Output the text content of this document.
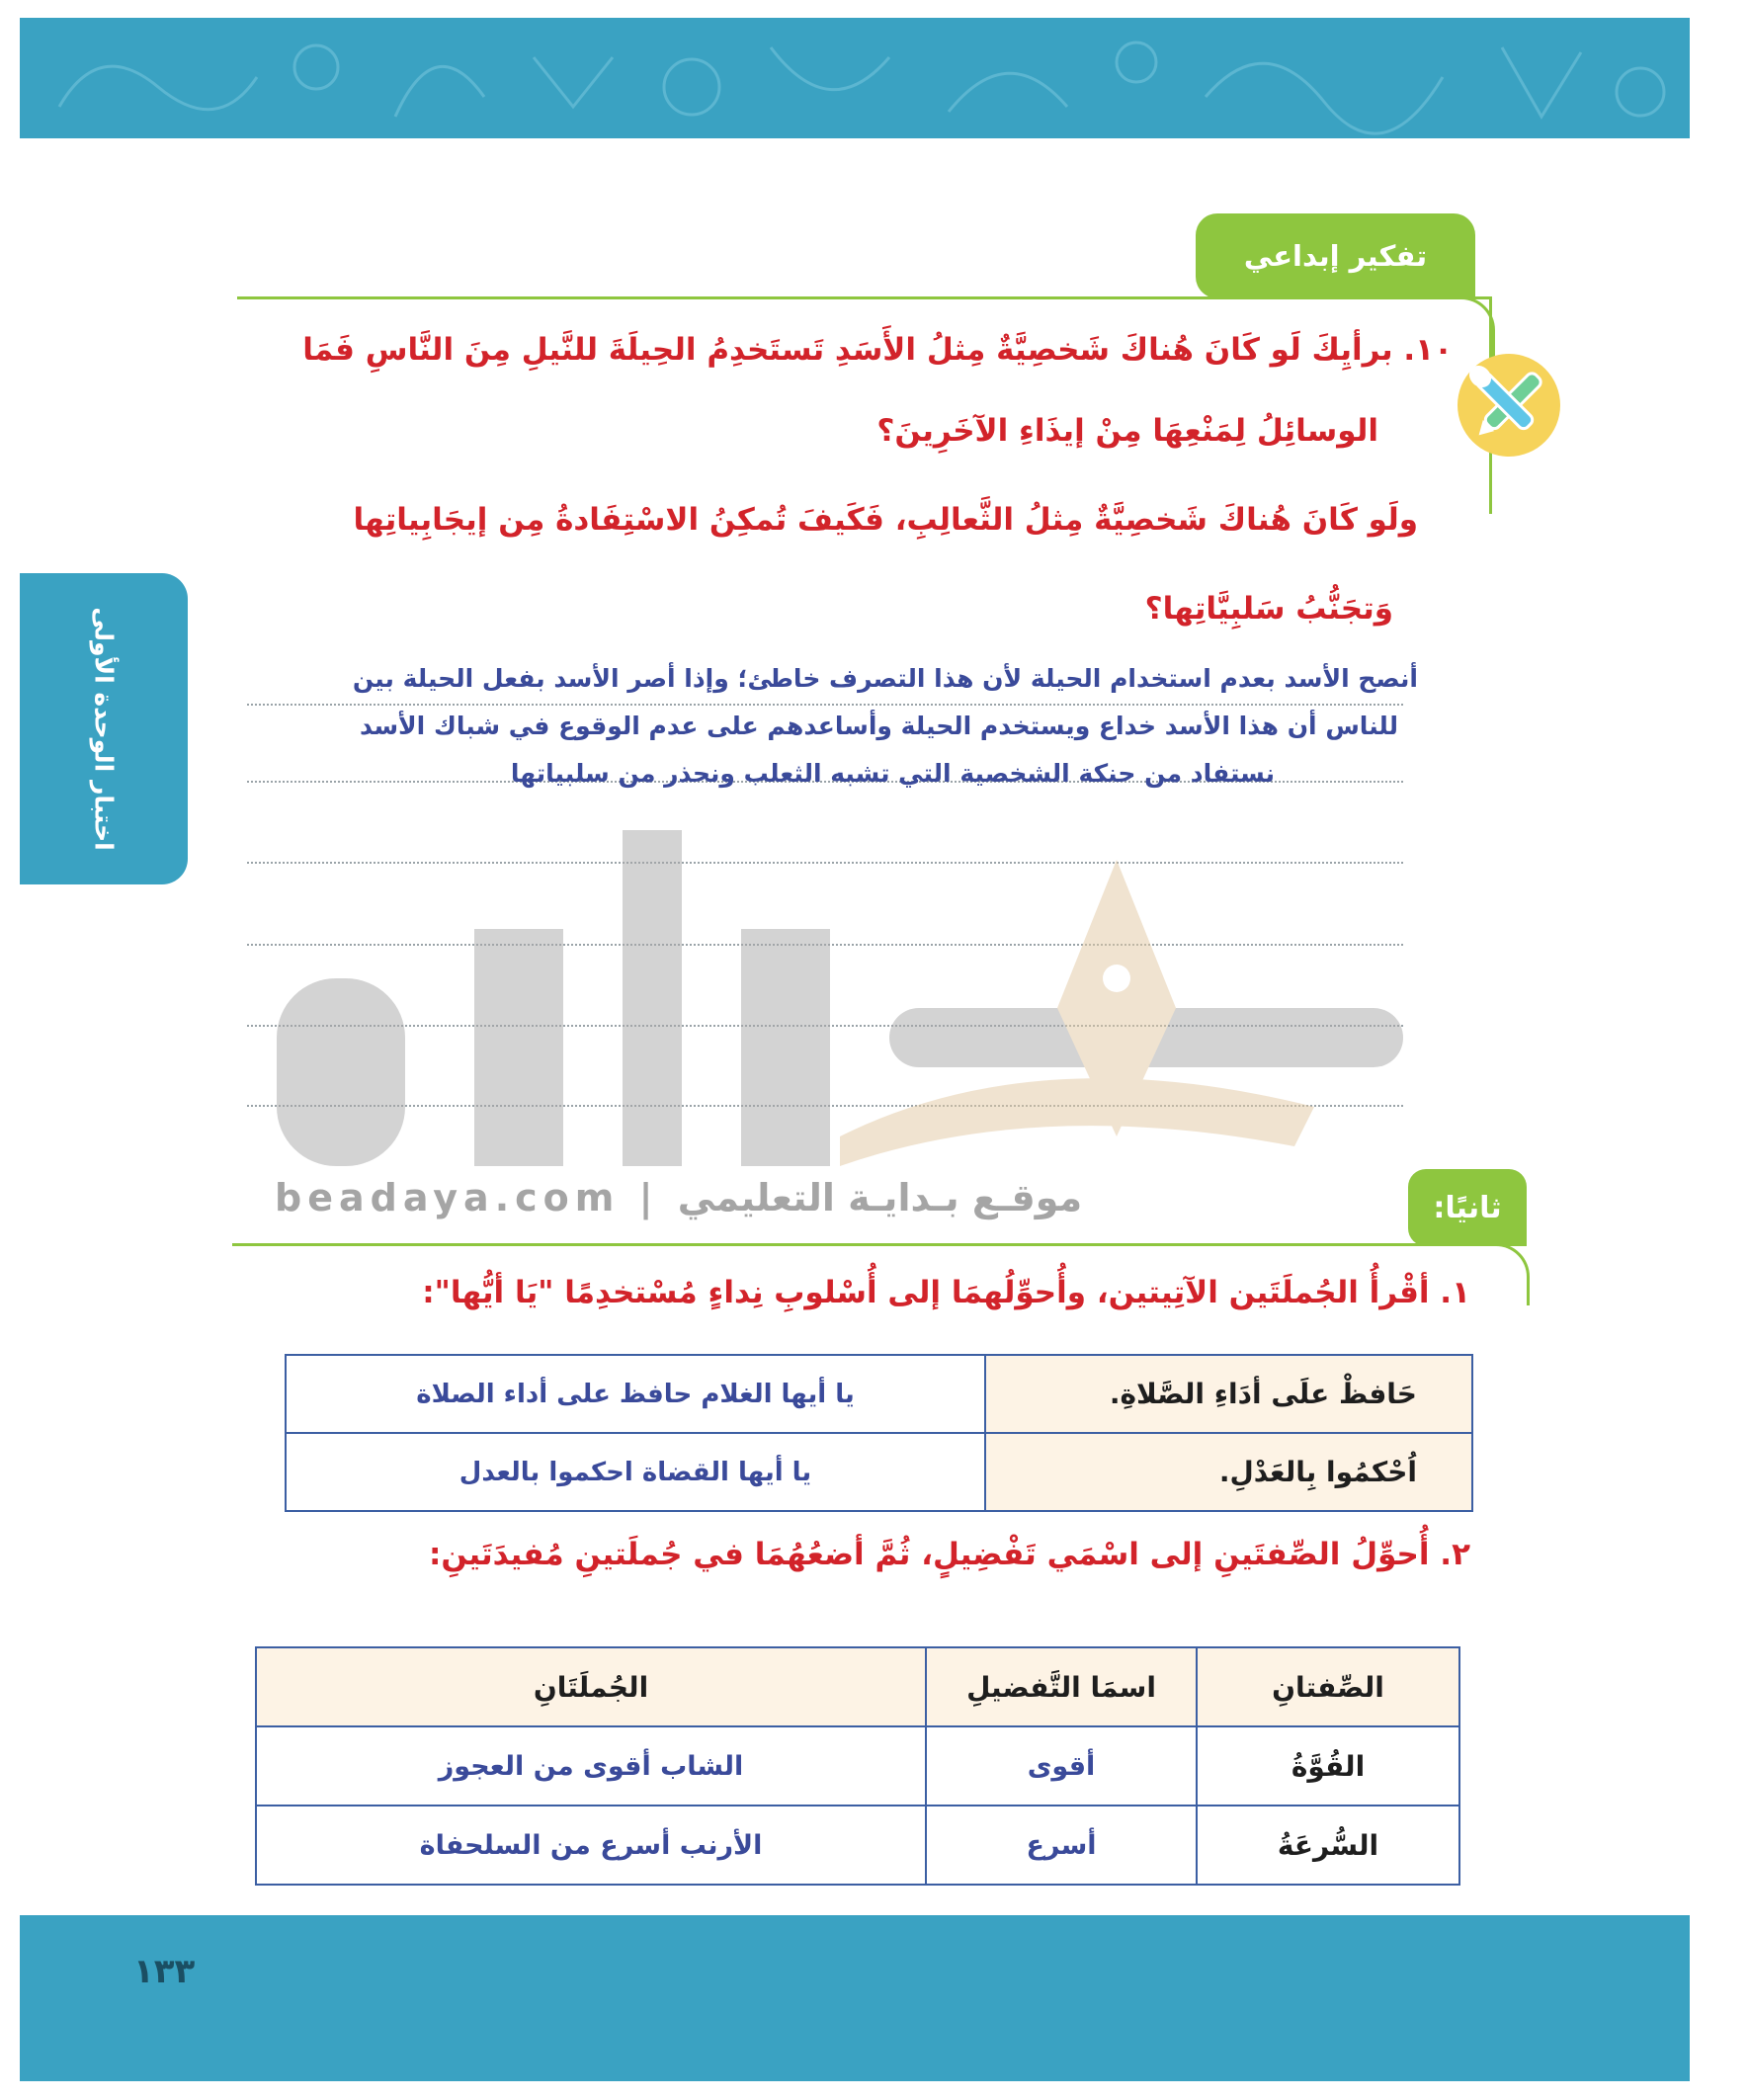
اختبار الوحدة الأولى
تفكير إبداعي
١٠. برأيِكَ لَو كَانَ هُناكَ شَخصِيَّةٌ مِثلُ الأَسَدِ تَستَخدِمُ الحِيلَةَ للنَّيلِ مِنَ النَّاسِ فَمَا
الوسائِلُ لِمَنْعِهَا مِنْ إيذَاءِ الآخَرِينَ؟
ولَو كَانَ هُناكَ شَخصِيَّةٌ مِثلُ الثَّعالِبِ، فَكَيفَ تُمكِنُ الاسْتِفَادةُ مِن إيجَابِياتِها
وَتجَنُّبُ سَلبِيَّاتِها؟
أنصح الأسد بعدم استخدام الحيلة لأن هذا التصرف خاطئ؛ وإذا أصر الأسد بفعل الحيلة بين
للناس أن هذا الأسد خداع ويستخدم الحيلة وأساعدهم على عدم الوقوع في شباك الأسد
نستفاد من حنكة الشخصية التي تشبه الثعلب ونحذر من سلبياتها
beadaya.com | موقـع بـدايـة التعليمي	ثانيًا:
١. أقْرأُ الجُملَتَين الآتِيتين، وأُحوِّلُهمَا إلى أُسْلوبِ نِداءٍ مُسْتخدِمًا "يَا أيُّها":
حَافظْ علَى أدَاءِ الصَّلاةِ.	يا أيها الغلام حافظ على أداء الصلاة
اُحْكمُوا بِالعَدْلِ.	يا أيها القضاة احكموا بالعدل
٢. أُحوِّلُ الصِّفتَينِ إلى اسْمَي تَفْضِيلٍ، ثُمَّ أضعُهُمَا في جُملَتينِ مُفيدَتَينِ:
الصِّفتانِ	اسمَا التَّفضيلِ	الجُملَتَانِ
القُوَّةُ	أقوى	الشاب أقوى من العجوز
السُّرعَةُ	أسرع	الأرنب أسرع من السلحفاة
١٣٣
